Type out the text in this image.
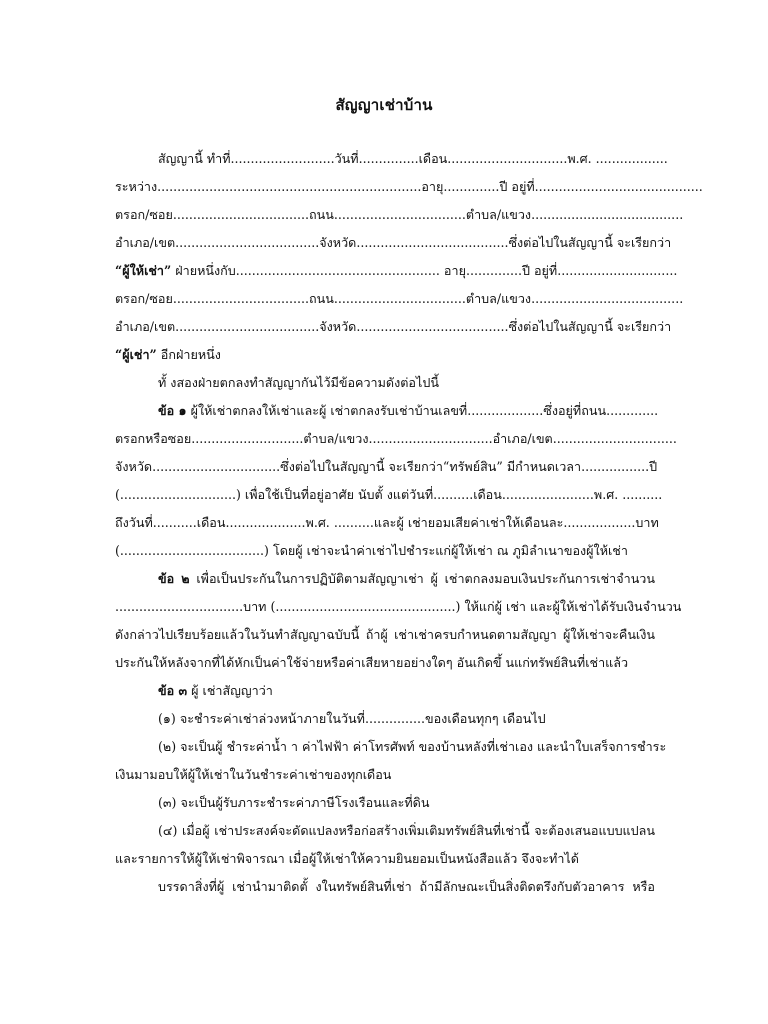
สัญญาเช่าบ้าน
สัญญานี้ ทำที่..........................วันที่...............เดือน..............................พ.ศ. ..................
ระหว่าง..................................................................อายุ..............ปี อยู่ที่..........................................
ตรอก/ซอย..................................ถนน.................................ตำบล/แขวง......................................
อำเภอ/เขต....................................จังหวัด......................................ซึ่งต่อไปในสัญญานี้ จะเรียกว่า
“ผู้ให้เช่า” ฝ่ายหนึ่งกับ................................................... อายุ..............ปี อยู่ที่..............................
ตรอก/ซอย..................................ถนน.................................ตำบล/แขวง......................................
อำเภอ/เขต....................................จังหวัด......................................ซึ่งต่อไปในสัญญานี้ จะเรียกว่า
“ผู้เช่า” อีกฝ่ายหนึ่ง
ทั้ งสองฝ่ายตกลงทำสัญญากันไว้มีข้อความดังต่อไปนี้
ข้อ ๑ ผู้ให้เช่าตกลงให้เช่าและผู้ เช่าตกลงรับเช่าบ้านเลขที่...................ซึ่งอยู่ที่ถนน.............
ตรอกหรือซอย............................ตำบล/แขวง...............................อำเภอ/เขต...............................
จังหวัด................................ซึ่งต่อไปในสัญญานี้ จะเรียกว่า“ทรัพย์สิน” มีกำหนดเวลา.................ปี
(.............................) เพื่อใช้เป็นที่อยู่อาศัย นับตั้ งแต่วันที่..........เดือน.......................พ.ศ. ..........
ถึงวันที่...........เดือน....................พ.ศ. ..........และผู้ เช่ายอมเสียค่าเช่าให้เดือนละ..................บาท
(....................................) โดยผู้ เช่าจะนำค่าเช่าไปชำระแก่ผู้ให้เช่า ณ ภูมิลำเนาของผู้ให้เช่า
ข้อ ๒ เพื่อเป็นประกันในการปฏิบัติตามสัญญาเช่า ผู้ เช่าตกลงมอบเงินประกันการเช่าจำนวน
................................บาท (.............................................) ให้แก่ผู้ เช่า และผู้ให้เช่าได้รับเงินจำนวน
ดังกล่าวไปเรียบร้อยแล้วในวันทำสัญญาฉบับนี้ ถ้าผู้ เช่าเช่าครบกำหนดตามสัญญา ผู้ให้เช่าจะคืนเงิน
ประกันให้หลังจากที่ได้หักเป็นค่าใช้จ่ายหรือค่าเสียหายอย่างใดๆ อันเกิดขึ้ นแก่ทรัพย์สินที่เช่าแล้ว
ข้อ ๓ ผู้ เช่าสัญญาว่า
(๑) จะชำระค่าเช่าล่วงหน้าภายในวันที่...............ของเดือนทุกๆ เดือนไป
(๒) จะเป็นผู้ ชำระค่าน้ำ า ค่าไฟฟ้า ค่าโทรศัพท์ ของบ้านหลังที่เช่าเอง และนำใบเสร็จการชำระ
เงินมามอบให้ผู้ให้เช่าในวันชำระค่าเช่าของทุกเดือน
(๓) จะเป็นผู้รับภาระชำระค่าภาษีโรงเรือนและที่ดิน
(๔) เมื่อผู้ เช่าประสงค์จะดัดแปลงหรือก่อสร้างเพิ่มเติมทรัพย์สินที่เช่านี้ จะต้องเสนอแบบแปลน
และรายการให้ผู้ให้เช่าพิจารณา เมื่อผู้ให้เช่าให้ความยินยอมเป็นหนังสือแล้ว จึงจะทำได้
บรรดาสิ่งที่ผู้ เช่านำมาติดตั้ งในทรัพย์สินที่เช่า ถ้ามีลักษณะเป็นสิ่งติดตรึงกับตัวอาคาร หรือ
